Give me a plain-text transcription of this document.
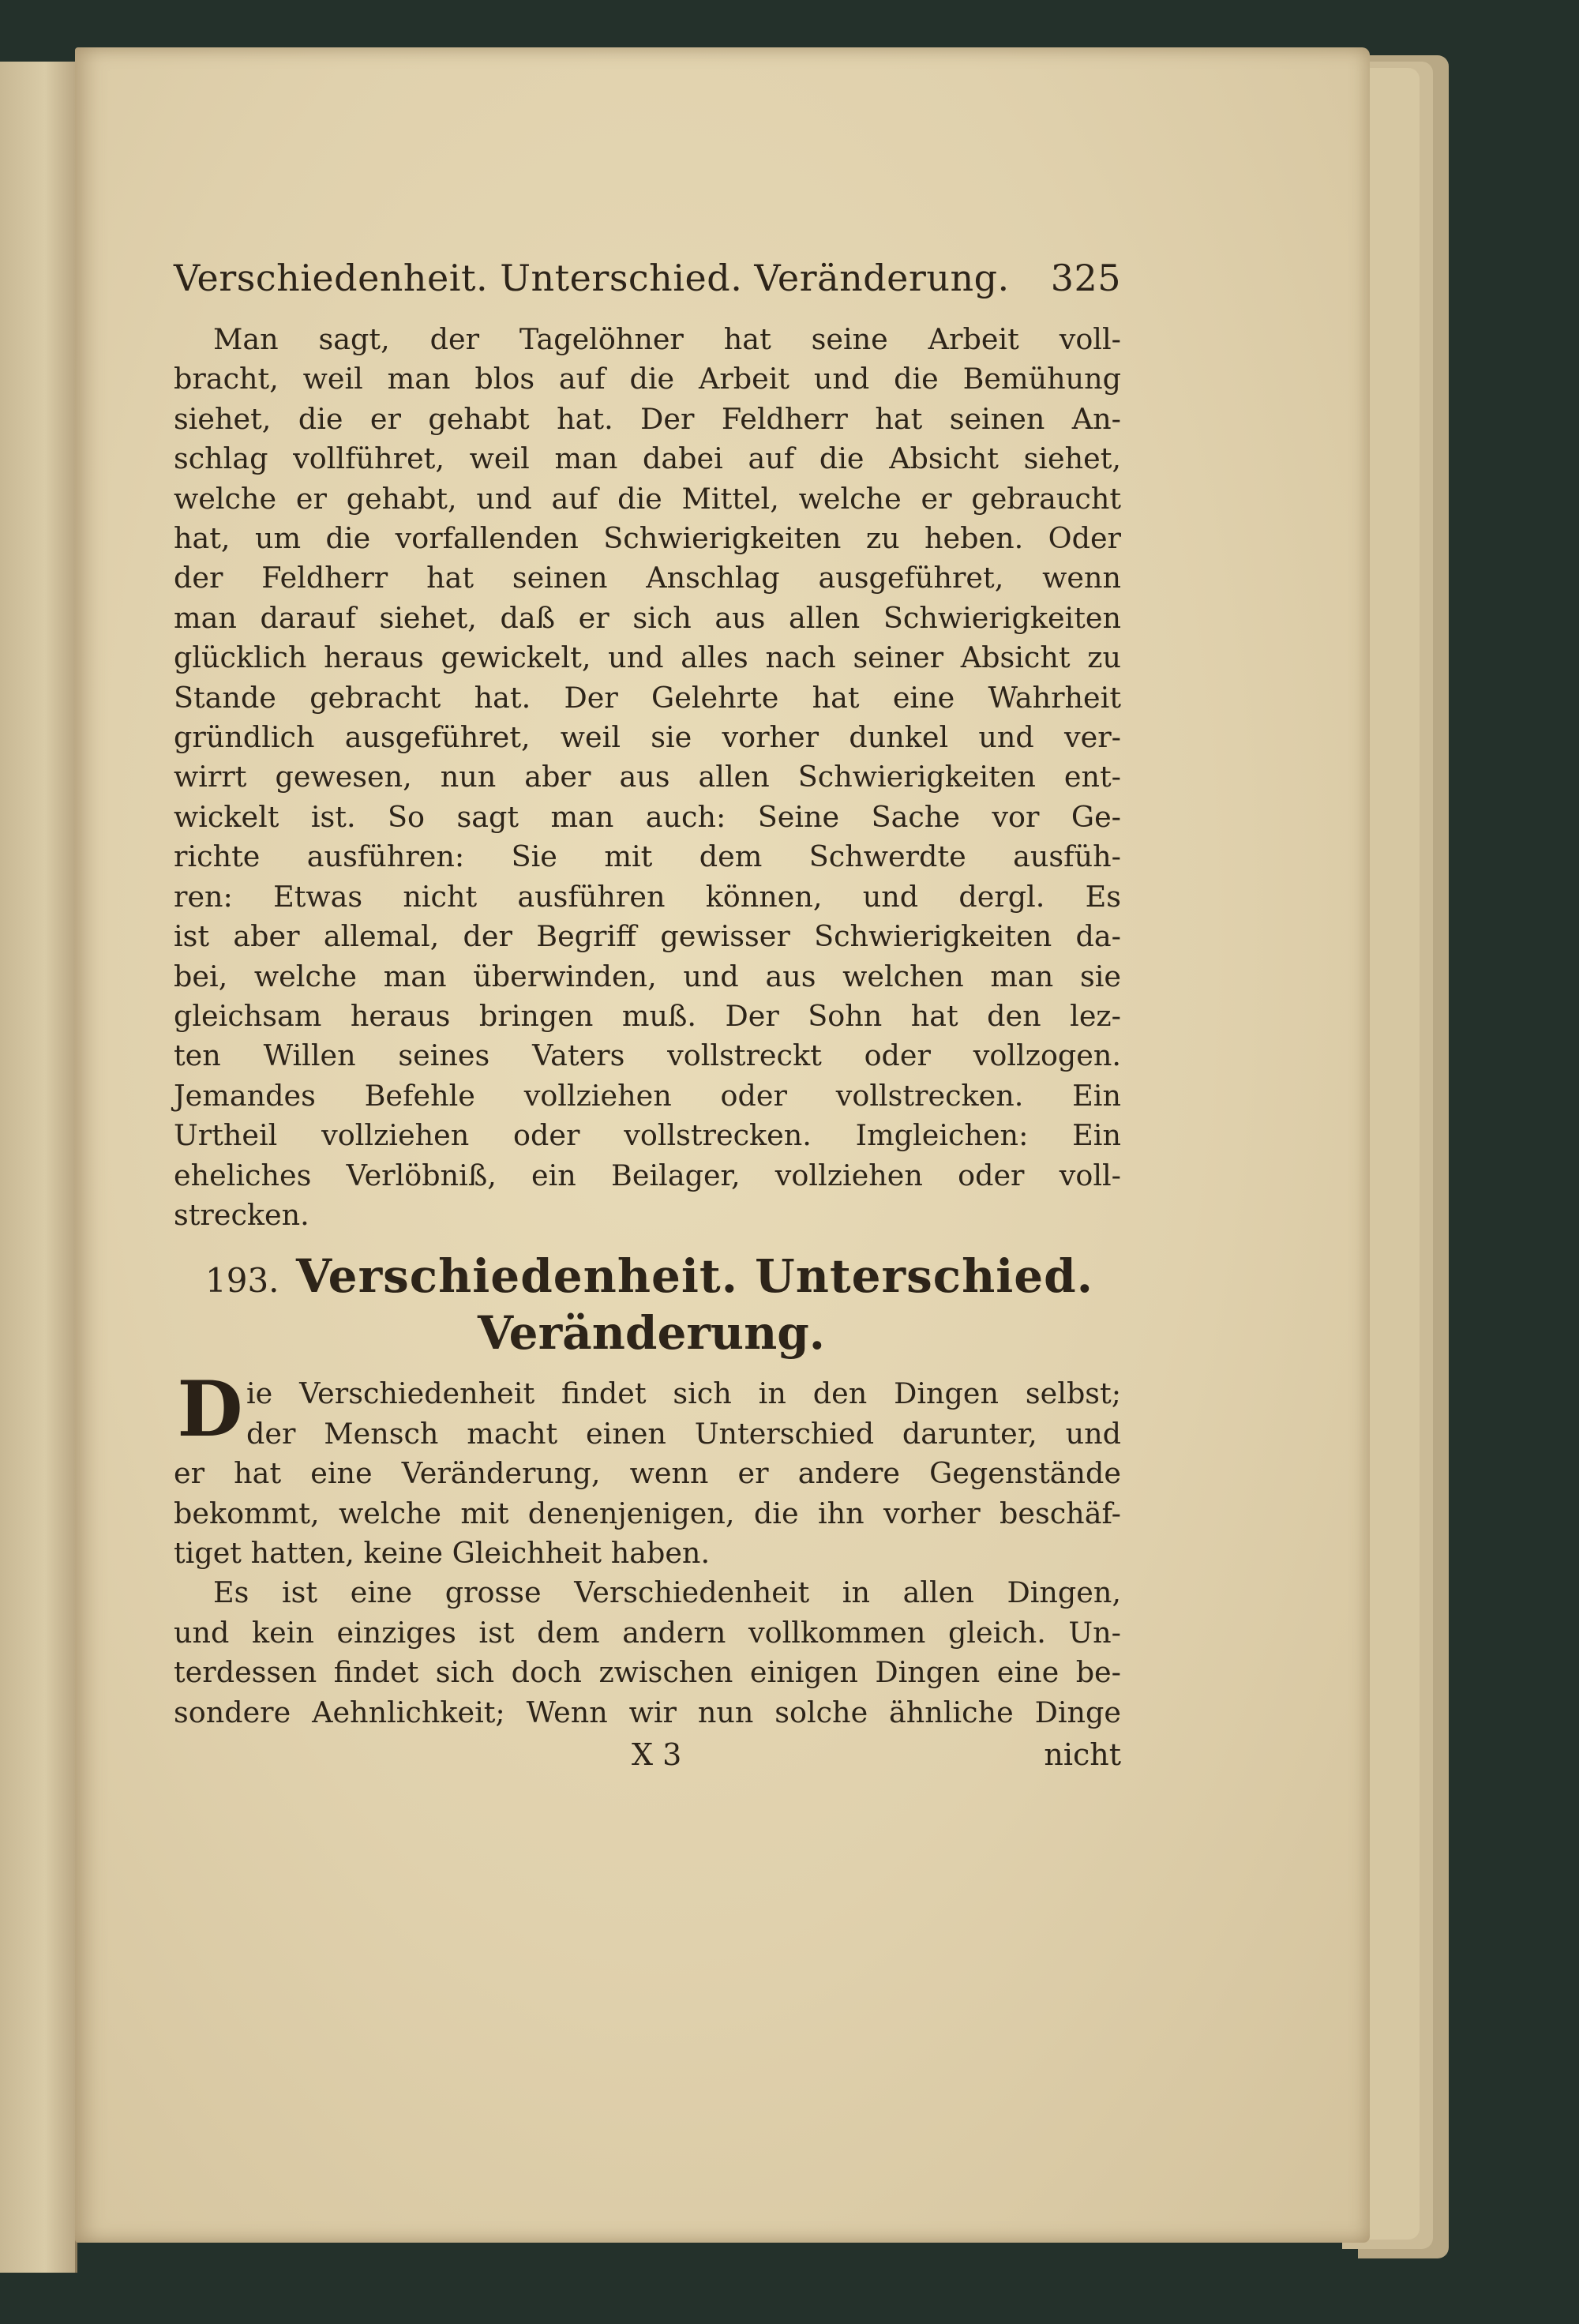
Verschiedenheit. Unterschied. Veränderung. 325

Man sagt, der Tagelöhner hat seine Arbeit voll-

bracht, weil man blos auf die Arbeit und die Bemühung

siehet, die er gehabt hat. Der Feldherr hat seinen An-

schlag vollführet, weil man dabei auf die Absicht siehet,

welche er gehabt, und auf die Mittel, welche er gebraucht

hat, um die vorfallenden Schwierigkeiten zu heben. Oder

der Feldherr hat seinen Anschlag ausgeführet, wenn

man darauf siehet, daß er sich aus allen Schwierigkeiten

glücklich heraus gewickelt, und alles nach seiner Absicht zu

Stande gebracht hat. Der Gelehrte hat eine Wahrheit

gründlich ausgeführet, weil sie vorher dunkel und ver-

wirrt gewesen, nun aber aus allen Schwierigkeiten ent-

wickelt ist. So sagt man auch: Seine Sache vor Ge-

richte ausführen: Sie mit dem Schwerdte ausfüh-

ren: Etwas nicht ausführen können, und dergl. Es

ist aber allemal, der Begriff gewisser Schwierigkeiten da-

bei, welche man überwinden, und aus welchen man sie

gleichsam heraus bringen muß. Der Sohn hat den lez-

ten Willen seines Vaters vollstreckt oder vollzogen.

Jemandes Befehle vollziehen oder vollstrecken. Ein

Urtheil vollziehen oder vollstrecken. Imgleichen: Ein

eheliches Verlöbniß, ein Beilager, vollziehen oder voll-

strecken.

193. Verschiedenheit. Unterschied.
Veränderung.
D ie Verschiedenheit findet sich in den Dingen selbst;

der Mensch macht einen Unterschied darunter, und

er hat eine Veränderung, wenn er andere Gegenstände

bekommt, welche mit denenjenigen, die ihn vorher beschäf-

tiget hatten, keine Gleichheit haben.

Es ist eine grosse Verschiedenheit in allen Dingen,

und kein einziges ist dem andern vollkommen gleich. Un-

terdessen findet sich doch zwischen einigen Dingen eine be-

sondere Aehnlichkeit; Wenn wir nun solche ähnliche Dinge

X 3	nicht
